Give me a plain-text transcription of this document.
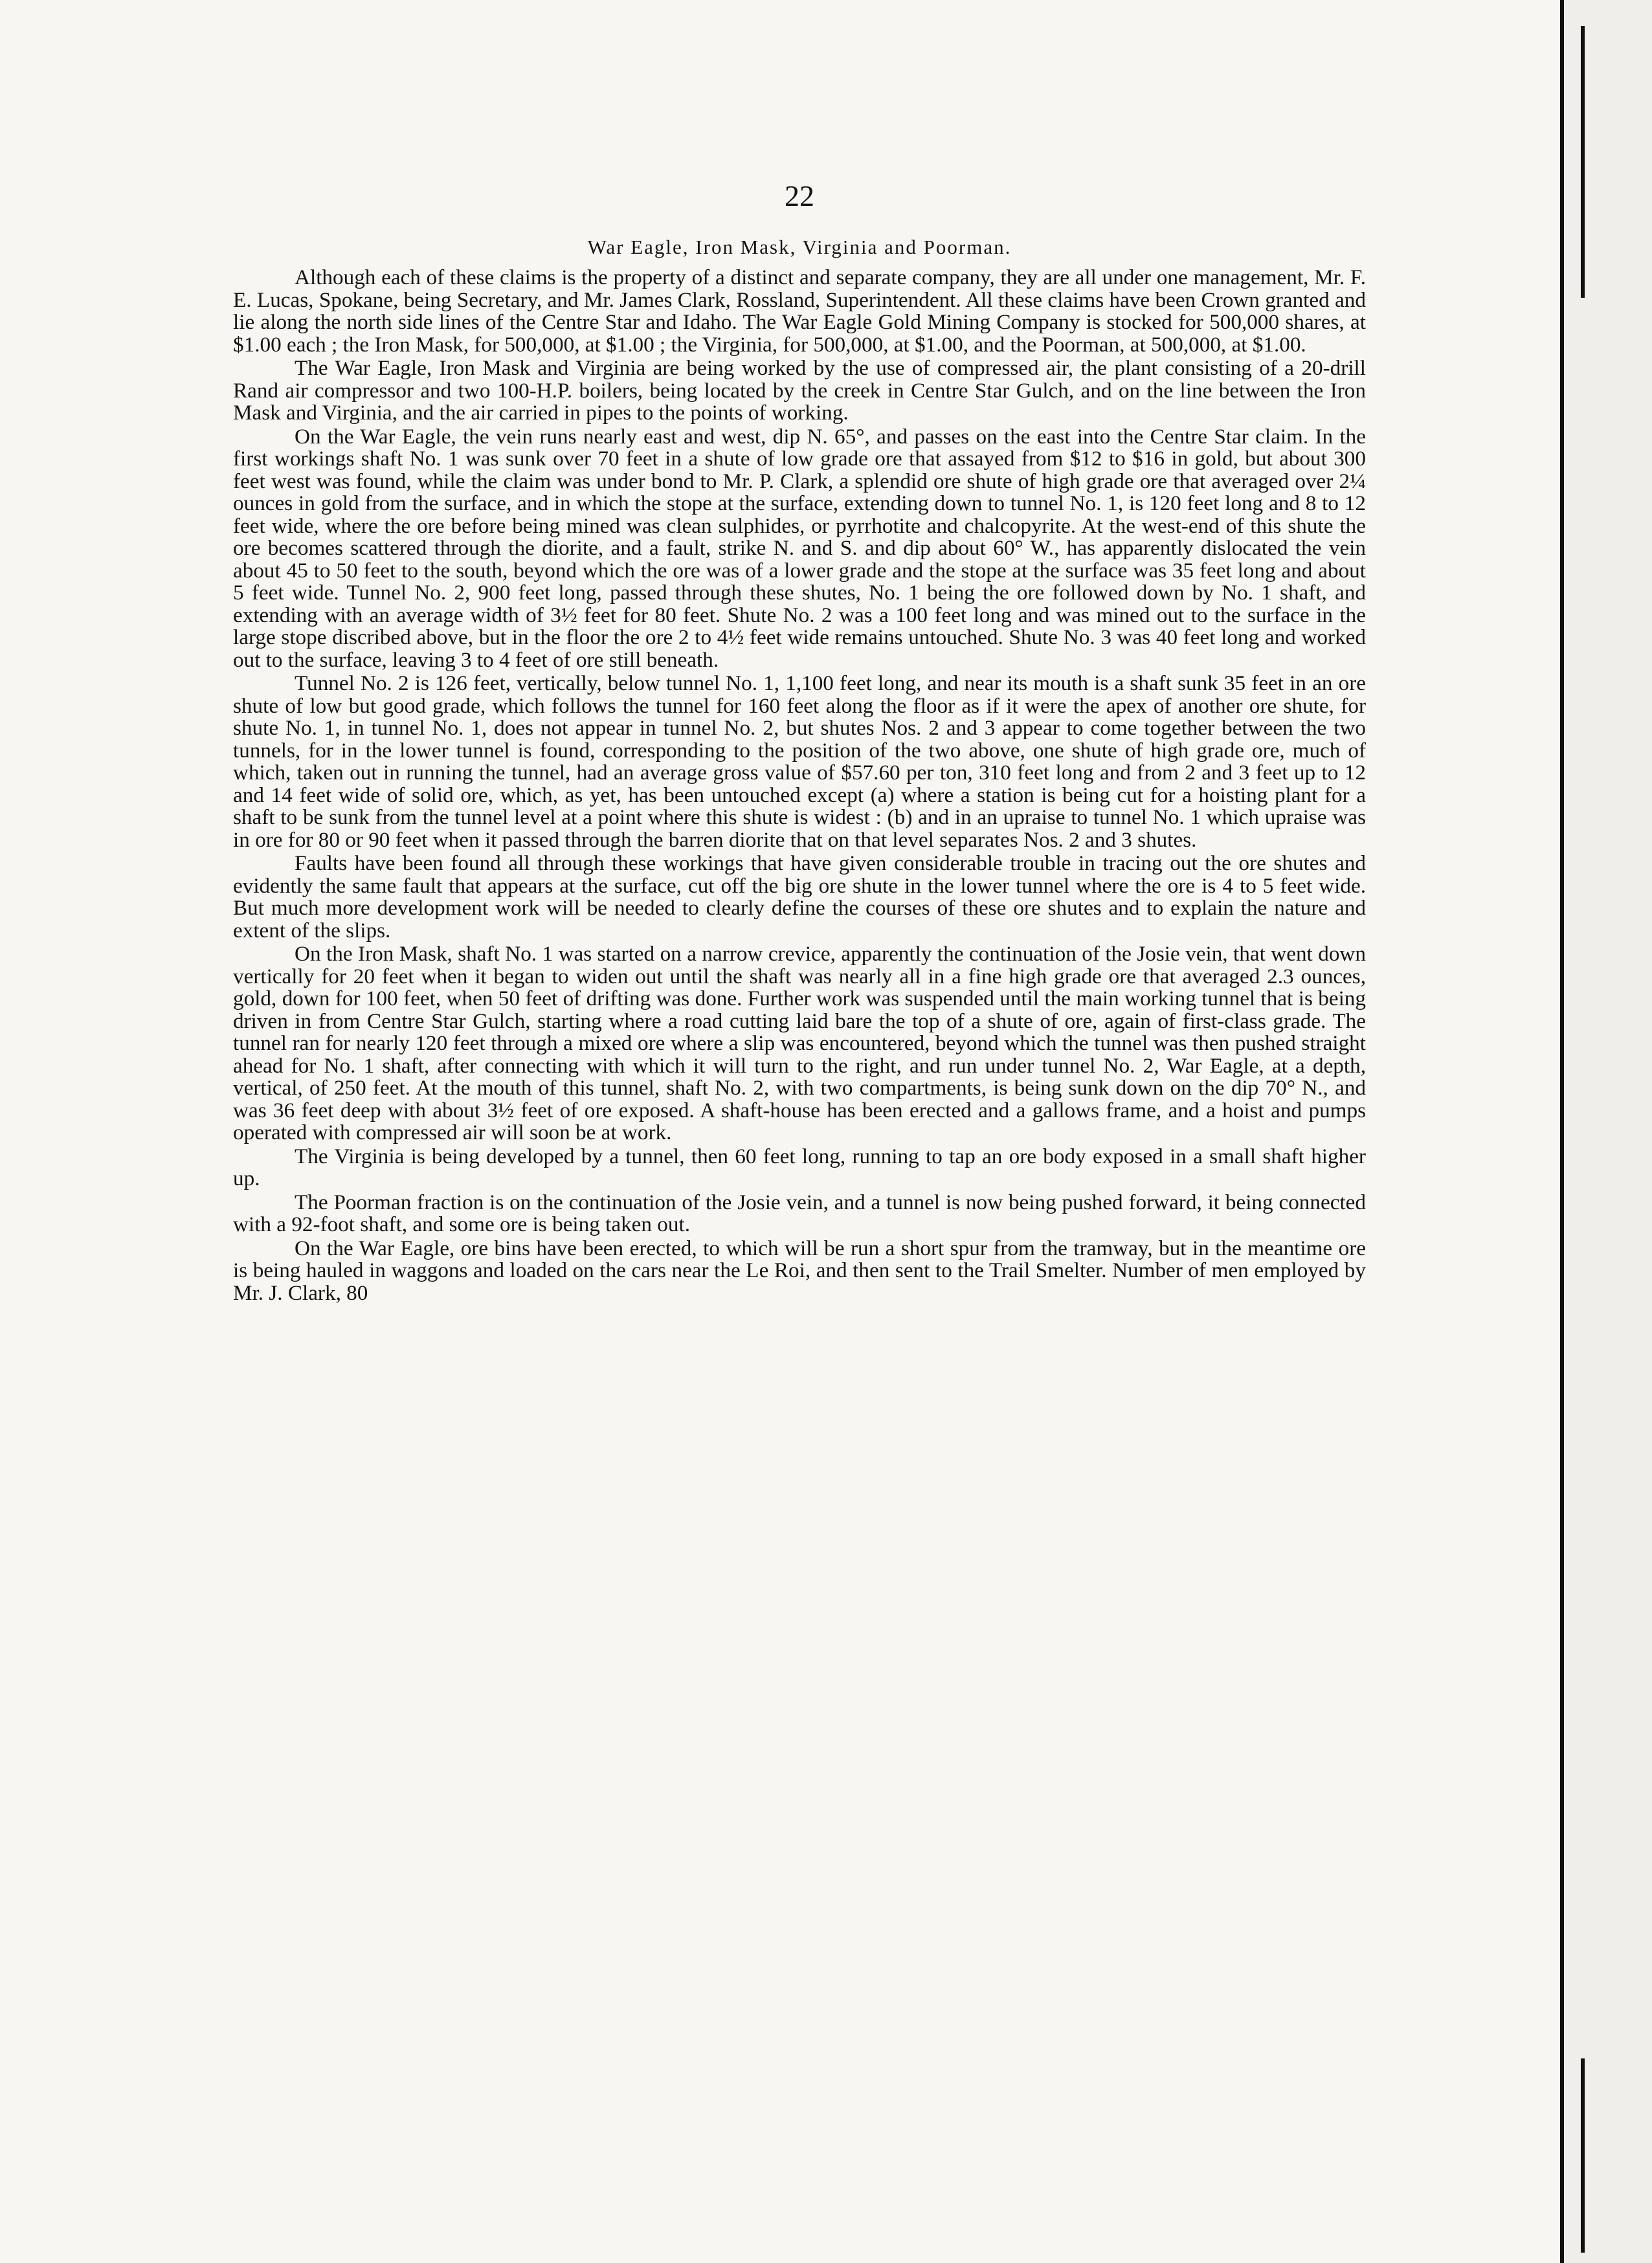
22
War Eagle, Iron Mask, Virginia and Poorman.

Although each of these claims is the property of a distinct and separate company, they are all under one management, Mr. F. E. Lucas, Spokane, being Secretary, and Mr. James Clark, Rossland, Superintendent. All these claims have been Crown granted and lie along the north side lines of the Centre Star and Idaho. The War Eagle Gold Mining Company is stocked for 500,000 shares, at $1.00 each ; the Iron Mask, for 500,000, at $1.00 ; the Virginia, for 500,000, at $1.00, and the Poorman, at 500,000, at $1.00.

The War Eagle, Iron Mask and Virginia are being worked by the use of compressed air, the plant consisting of a 20-drill Rand air compressor and two 100-H.P. boilers, being located by the creek in Centre Star Gulch, and on the line between the Iron Mask and Virginia, and the air carried in pipes to the points of working.

On the War Eagle, the vein runs nearly east and west, dip N. 65°, and passes on the east into the Centre Star claim. In the first workings shaft No. 1 was sunk over 70 feet in a shute of low grade ore that assayed from $12 to $16 in gold, but about 300 feet west was found, while the claim was under bond to Mr. P. Clark, a splendid ore shute of high grade ore that averaged over 2¼ ounces in gold from the surface, and in which the stope at the surface, extending down to tunnel No. 1, is 120 feet long and 8 to 12 feet wide, where the ore before being mined was clean sulphides, or pyrrhotite and chalcopyrite. At the west-end of this shute the ore becomes scattered through the diorite, and a fault, strike N. and S. and dip about 60° W., has apparently dislocated the vein about 45 to 50 feet to the south, beyond which the ore was of a lower grade and the stope at the surface was 35 feet long and about 5 feet wide. Tunnel No. 2, 900 feet long, passed through these shutes, No. 1 being the ore followed down by No. 1 shaft, and extending with an average width of 3½ feet for 80 feet. Shute No. 2 was a 100 feet long and was mined out to the surface in the large stope discribed above, but in the floor the ore 2 to 4½ feet wide remains untouched. Shute No. 3 was 40 feet long and worked out to the surface, leaving 3 to 4 feet of ore still beneath.

Tunnel No. 2 is 126 feet, vertically, below tunnel No. 1, 1,100 feet long, and near its mouth is a shaft sunk 35 feet in an ore shute of low but good grade, which follows the tunnel for 160 feet along the floor as if it were the apex of another ore shute, for shute No. 1, in tunnel No. 1, does not appear in tunnel No. 2, but shutes Nos. 2 and 3 appear to come together between the two tunnels, for in the lower tunnel is found, corresponding to the position of the two above, one shute of high grade ore, much of which, taken out in running the tunnel, had an average gross value of $57.60 per ton, 310 feet long and from 2 and 3 feet up to 12 and 14 feet wide of solid ore, which, as yet, has been untouched except (a) where a station is being cut for a hoisting plant for a shaft to be sunk from the tunnel level at a point where this shute is widest : (b) and in an upraise to tunnel No. 1 which upraise was in ore for 80 or 90 feet when it passed through the barren diorite that on that level separates Nos. 2 and 3 shutes.

Faults have been found all through these workings that have given considerable trouble in tracing out the ore shutes and evidently the same fault that appears at the surface, cut off the big ore shute in the lower tunnel where the ore is 4 to 5 feet wide. But much more development work will be needed to clearly define the courses of these ore shutes and to explain the nature and extent of the slips.

On the Iron Mask, shaft No. 1 was started on a narrow crevice, apparently the continuation of the Josie vein, that went down vertically for 20 feet when it began to widen out until the shaft was nearly all in a fine high grade ore that averaged 2.3 ounces, gold, down for 100 feet, when 50 feet of drifting was done. Further work was suspended until the main working tunnel that is being driven in from Centre Star Gulch, starting where a road cutting laid bare the top of a shute of ore, again of first-class grade. The tunnel ran for nearly 120 feet through a mixed ore where a slip was encountered, beyond which the tunnel was then pushed straight ahead for No. 1 shaft, after connecting with which it will turn to the right, and run under tunnel No. 2, War Eagle, at a depth, vertical, of 250 feet. At the mouth of this tunnel, shaft No. 2, with two compartments, is being sunk down on the dip 70° N., and was 36 feet deep with about 3½ feet of ore exposed. A shaft-house has been erected and a gallows frame, and a hoist and pumps operated with compressed air will soon be at work.

The Virginia is being developed by a tunnel, then 60 feet long, running to tap an ore body exposed in a small shaft higher up.

The Poorman fraction is on the continuation of the Josie vein, and a tunnel is now being pushed forward, it being connected with a 92-foot shaft, and some ore is being taken out.

On the War Eagle, ore bins have been erected, to which will be run a short spur from the tramway, but in the meantime ore is being hauled in waggons and loaded on the cars near the Le Roi, and then sent to the Trail Smelter. Number of men employed by Mr. J. Clark, 80
